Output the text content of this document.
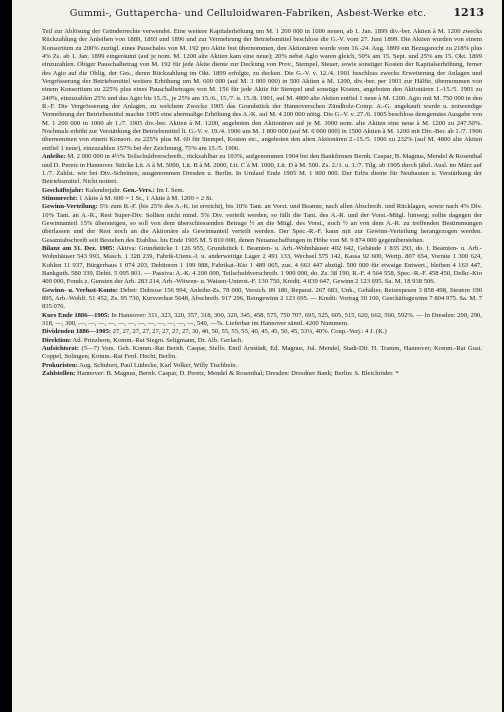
Gummi-, Guttapercha- und Celluloidwaren-Fabriken, Asbest-Werke etc.	1213

Teil zur Ablösung der Gründerrechte verwendet. Eine weitere Kapitalerhöhung um M. 1 200 000 in 1000 neuen, ab 1. Jan. 1899 div.-ber. Aktien à M. 1200 zwecks Rückzahlung der Anleihen von 1889, 1893 und 1896 und zur Vermehrung der Betriebsmittel beschloss die G.-V. vom 27. Juni 1899. Die Aktien wurden von einem Konsortium zu 200% zuzügl. eines Pauschales von M. 192 pro Aktie fest übernommen, den Aktionären wurde vom 16.-24. Aug. 1899 ein Bezugsrecht zu 218% plus 4% Zs. ab 1. Jan. 1899 eingeräumt (auf je nom. M. 1200 alte Aktien kam eine neue); 20% nebst Agio waren gleich, 50% am 15. Sept. und 25% am 15. Okt. 1899 einzuzahlen. Obiger Pauschalbetrag von M. 192 für jede Aktie diente zur Deckung von Prov., Stempel, Steuer, sowie sonstiger Kosten der Kapitalserhöhung, ferner des Agio auf die Oblig. der Ges., deren Rückzahlung im Okt. 1899 erfolgte, zu decken. Die G.-V. v. 12./4. 1901 beschloss zwecks Erweiterung der Anlagen und Vergrösserung der Betriebsmittel weitere Erhöhung um M. 600 000 (auf M. 3 000 000) in 500 Aktien à M. 1200, div.-ber. per 1901 zur Hälfte, übernommen von einem Konsortium zu 225% plus eines Pauschalbetrages von M. 156 für jede Aktie für Stempel und sonstige Kosten, angeboten den Aktionären 1.-15./5. 1901 zu 240%, einzuzahlen 25% und das Agio bis 15./5., je 25% am 15./6., 15./7. u. 15./8. 1901, auf M. 4800 alte Aktien entfiel 1 neue à M. 1200. Agio mit M. 750 000 in den R.-F. Die Vergrösserung der Anlagen, zu welchem Zwecke 1905 das Grundstück der Hannoverschen Zündholz-Comp. A.-G. angekauft wurde u. notwendige Vermehrung der Betriebsmittel machte 1905 eine abermalige Erhöhung des A.-K. auf M. 4 200 000 nötig. Die G.-V. v. 27./6. 1905 beschloss demgemäss Ausgabe von M. 1 200 000 in 1000 ab 1./7. 1905 div.-ber. Aktien à M. 1200, angeboten den Aktionären auf je M. 3000 nom. alte Aktien eine neue à M. 1200 zu 247.50%. Nochmals erhöht zur Verstärkung der Betriebsmittel lt. G.-V. v. 19./4. 1906 um M. 1 800 000 (auf M. 6 000 000) in 1500 Aktien à M. 1200 mit Div.-Ber. ab 1./7. 1906 übernommen von einem Konsort. zu 225% plus M. 60 für Stempel, Kosten etc., angeboten den alten Aktionären 2.-15./5. 1906 zu 232% (auf M. 4800 alte Aktien entfiel 1 neue), einzuzahlen 157% bei der Zeichnung, 75% am 15./5. 1906.

Anleihe: M. 2 000 000 in 4½% Teilschuldverschreib., rückzahlbar zu 103%, aufgenommen 1904 bei den Bankfirmen Bernh. Caspar, B. Magnus, Mendel & Rosenthal und D. Peretz in Hannover. Stücke Lit. A à M. 5000, Lit. B à M. 2000, Lit. C à M. 1000, Lit. D à M. 500. Zs. 2./1. u. 1./7. Tilg. ab 1905 durch jährl. Ausl. im März auf 1./7. Zahlst. wie bei Div.-Scheinen, ausgenommen Dresden u. Berlin. In Umlauf Ende 1905 M. 1 900 000. Der Erlös diente für Neubauten u. Verstärkung der Betriebsmittel. Nicht notiert.

Geschäftsjahr: Kalenderjahr. Gen.-Vers.: Im I. Sem.

Stimmrecht: 1 Aktie à M. 600 = 1 St., 1 Aktie à M. 1200 = 2 St.

Gewinn-Verteilung: 5% zum R.-F. (bis 25% des A.-K. ist erreicht), bis 10% Tant. an Vorst. und Beamte, nach allen Abschreib. und Rücklagen, sowie nach 4% Div. 10% Tant. an A.-R., Rest Super-Div. Sollten nicht mind. 5% Div. verteilt werden, so fällt die Tant. des A.-R. und der Vorst.-Mitgl. hinweg; sollte dagegen der Gewinnanteil 15% übersteigen, so soll von dem überschiessenden Betrage ½ an die Mitgl. des Vorst., noch ½ an von dem A.-R. zu treffenden Bestimmungen überlassen und der Rest noch an die Aktionäre als Gewinnanteil verteilt werden. Der Spec.-R.-F. kann mit zur Gewinn-Verteilung herangezogen werden. Gesamtabschreib seit Bestehen des Etabliss. bis Ende 1905 M. 5 810 000, denen Neuanschaffungen in Höhe von M. 9 874 000 gegenüberstehen.

Bilanz am 31. Dez. 1905: Aktiva: Grundstücke 1 126 955, Grundstück f. Beamten- u. Arb.-Wohnhäuser 402 642, Gebäude 1 835 293, do. f. Beamten- u. Arb.-Wohnhäuser 543 993, Masch. 1 328 239, Fabrik-Utens.-I. u. anderweitige Lager 2 491 133, Wechsel 575 142, Kassa 92 600, Wertp. 807 654, Vorräte 1 300 624, Kohlen 11 937, Bürgerhaus 1 074 203, Debitoren 1 199 988, Fabrikat.-Kto 1 489 065, zus. 4 663 447 abzügl. 500 000 für etwaige Entwert., bleiben 4 163 447, Bankguth. 580 339, Debit. 5 095 801. — Passiva: A.-K. 4 200 000, Teilschuldverschreib. 1 900 000, do. Zs. 38 190, R.-F. 4 564 558, Spec.-R.-F. 458 450, Delkr.-Kto 400 000, Fonds z. Gunsten der Arb. 283 214, Arb.-Witwen- u. Waisen-Unterst.-F. 130 750, Kredit. 4 839 647, Gewinn 2 123 695. Sa. M. 18 938 506.

Gewinn- u. Verlust-Konto: Debet: Dubiose 156 994, Anleihe-Zs. 78 000, Versich. 89 180, Reparat. 267 683, Unk., Gehälter, Reisespesen 3 858 498, Steuern 190 895, Arb.-Wohlf. 51 452, Zs. 95 730, Kursverlust 5648, Abschreib. 917 296, Reingewinn 2 123 695. — Kredit: Vortrag 30 100, Geschäftsgewinn 7 804 975. Sa. M. 7 835 076.

Kurs Ende 1886—1905: In Hannover: 311, 323, 320, 357, 318, 300, 320, 345, 458, 575, 750 707, 695, 525, 605, 515, 620, 662, 560, 592%. — In Dresden: 290, 290, 318, —, 300, —, —, —, —, —, —, —, —, —, —, —, —, 540, —%. Lieferbar im Hannover sämtl. 4200 Nummern.

Dividenden 1886—1905: 27, 27, 27, 27, 27, 27, 27, 27, 30, 40, 50, 55, 55, 55, 40, 45, 45, 50, 45, 33⅓, 40%. Coup.-Verj.: 4 J. (K.)

Direktion: Ad. Prinzhorn, Komm.-Rat Siegm. Seligmann, Dr. Alb. Gerlach.

Aufsichtsrat: (5—7) Vors. Geh. Komm.-Rat Bernh. Caspar, Stellv. Emil Arnstädt, Ed. Magnus, Jul. Mendel, Stadt-Dir. H. Tramm, Hannover; Komm.-Rat Gust. Coppel, Solingen; Komm.-Rat Ferd. Hecht, Berlin.

Prokuristen: Aug. Schubert, Paul Lüdecke, Karl Volker, Willy Tischbein.

Zahlstellen: Hannover: B. Magnus, Bernh. Caspar, D. Peretz, Mendel & Rosenthal; Dresden: Dresdner Bank; Berlin: S. Bleichröder. *
